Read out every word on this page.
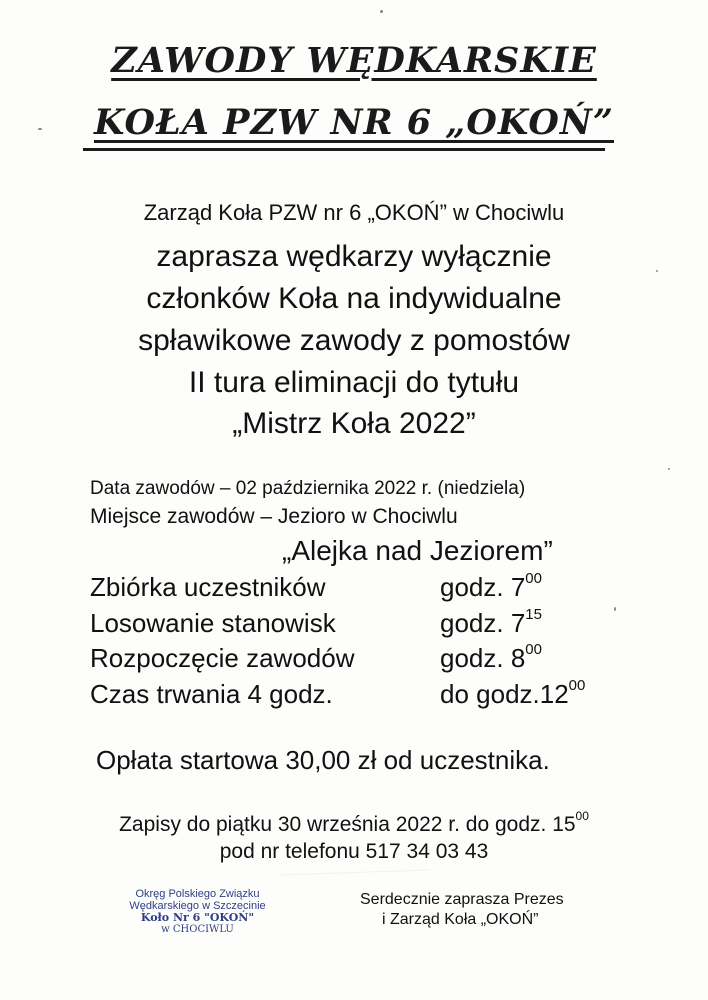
ZAWODY WĘDKARSKIE
KOŁA PZW NR 6 „OKOŃ”
Zarząd Koła PZW nr 6 „OKOŃ” w Chociwlu
zaprasza wędkarzy wyłącznie
członków Koła na indywidualne
spławikowe zawody z pomostów
II tura eliminacji do tytułu
„Mistrz Koła 2022”
Data zawodów – 02 października 2022 r. (niedziela)
Miejsce zawodów – Jezioro w Chociwlu
„Alejka nad Jeziorem”
Zbiórka uczestników	godz. $7^{00}$
Losowanie stanowisk	godz. $7^{15}$
Rozpoczęcie zawodów	godz. $8^{00}$
Czas trwania 4 godz.	do $godz.12^{00}$
Opłata startowa 30,00 zł od uczestnika.
Zapisy do piątku 30 września 2022 r. do godz. $15^{00}$
pod nr telefonu 517 34 03 43
Okręg Polskiego Związku
Wędkarskiego w Szczecinie
Koło Nr 6 "OKOŃ"
w CHOCIWLU
Serdecznie zaprasza Prezes
i Zarząd Koła „OKOŃ”
